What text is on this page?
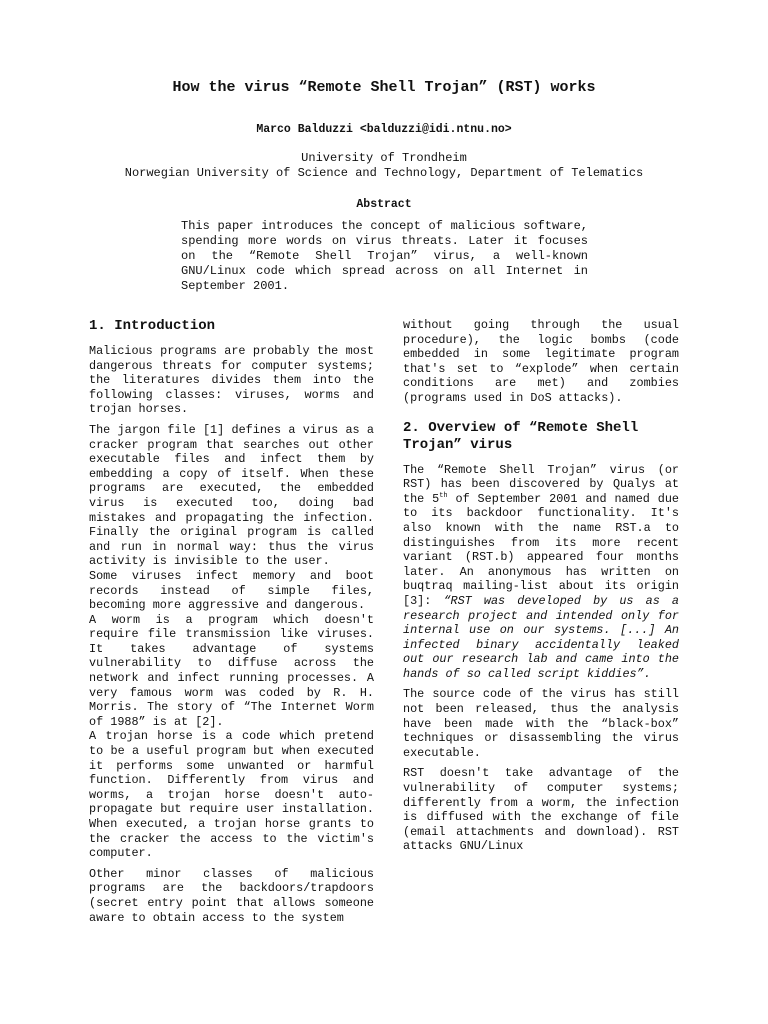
How the virus “Remote Shell Trojan” (RST) works
Marco Balduzzi <balduzzi@idi.ntnu.no>
University of Trondheim
Norwegian University of Science and Technology, Department of Telematics
Abstract

This paper introduces the concept of malicious software, spending more words on virus threats. Later it focuses on the “Remote Shell Trojan” virus, a well-known GNU/Linux code which spread across on all Internet in September 2001.

1. Introduction

Malicious programs are probably the most dangerous threats for computer systems; the literatures divides them into the following classes: viruses, worms and trojan horses.

The jargon file [1] defines a virus as a cracker program that searches out other executable files and infect them by embedding a copy of itself. When these programs are executed, the embedded virus is executed too, doing bad mistakes and propagating the infection. Finally the original program is called and run in normal way: thus the virus activity is invisible to the user.

Some viruses infect memory and boot records instead of simple files, becoming more aggressive and dangerous.

A worm is a program which doesn't require file transmission like viruses. It takes advantage of systems vulnerability to diffuse across the network and infect running processes. A very famous worm was coded by R. H. Morris. The story of “The Internet Worm of 1988” is at [2].

A trojan horse is a code which pretend to be a useful program but when executed it performs some unwanted or harmful function. Differently from virus and worms, a trojan horse doesn't auto-propagate but require user installation. When executed, a trojan horse grants to the cracker the access to the victim's computer.

Other minor classes of malicious programs are the backdoors/trapdoors (secret entry point that allows someone aware to obtain access to the system

without going through the usual procedure), the logic bombs (code embedded in some legitimate program that's set to “explode” when certain conditions are met) and zombies (programs used in DoS attacks).

2. Overview of “Remote Shell Trojan” virus

The “Remote Shell Trojan” virus (or RST) has been discovered by Qualys at the 5th of September 2001 and named due to its backdoor functionality. It's also known with the name RST.a to distinguishes from its more recent variant (RST.b) appeared four months later. An anonymous has written on buqtraq mailing-list about its origin [3]: “RST was developed by us as a research project and intended only for internal use on our systems. [...] An infected binary accidentally leaked out our research lab and came into the hands of so called script kiddies”.

The source code of the virus has still not been released, thus the analysis have been made with the “black-box” techniques or disassembling the virus executable.

RST doesn't take advantage of the vulnerability of computer systems; differently from a worm, the infection is diffused with the exchange of file (email attachments and download). RST attacks GNU/Linux
